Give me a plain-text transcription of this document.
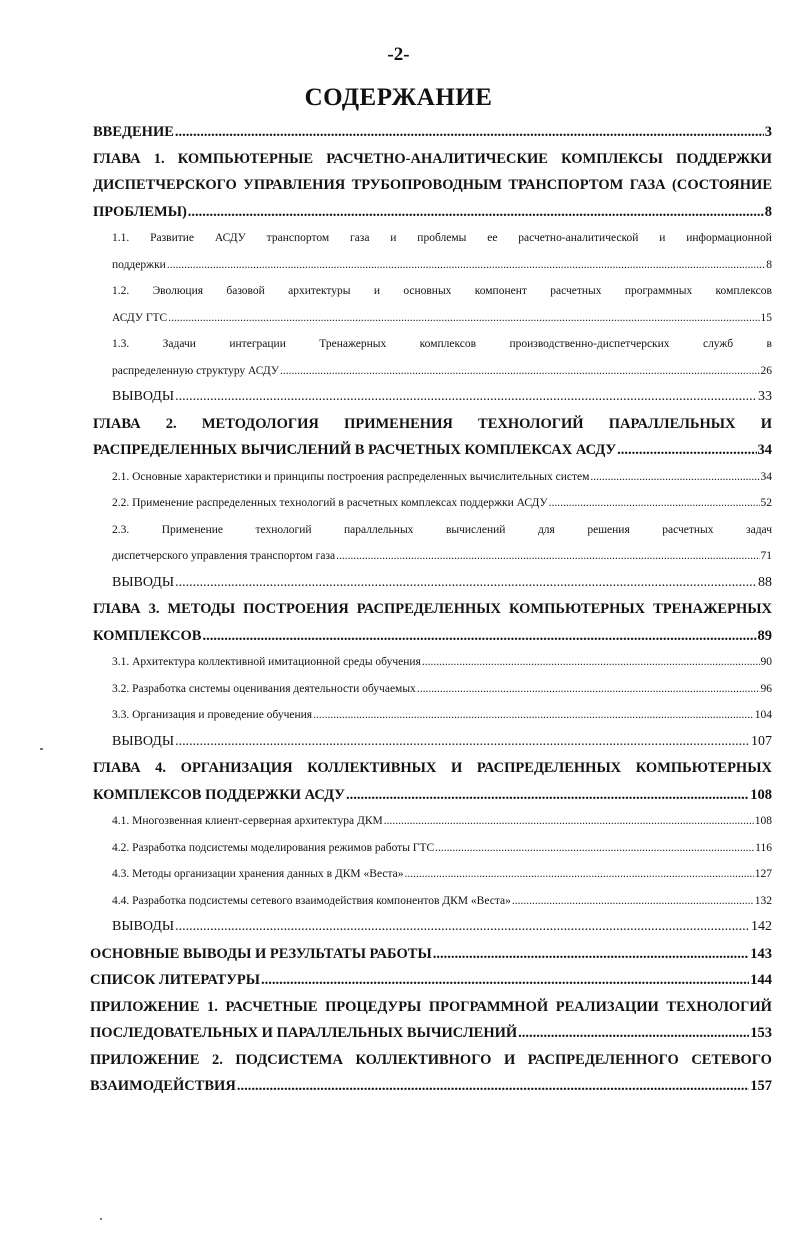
-2-
СОДЕРЖАНИЕ
ВВЕДЕНИЕ .....	3
ГЛАВА 1. КОМПЬЮТЕРНЫЕ РАСЧЕТНО-АНАЛИТИЧЕСКИЕ КОМПЛЕКСЫ ПОДДЕРЖКИ
ДИСПЕТЧЕРСКОГО УПРАВЛЕНИЯ ТРУБОПРОВОДНЫМ ТРАНСПОРТОМ ГАЗА (СОСТОЯНИЕ
ПРОБЛЕМЫ) .....	8
1.1. Развитие АСДУ транспортом газа и проблемы ее расчетно-аналитической и информационной
поддержки .....	8
1.2. Эволюция базовой архитектуры и основных компонент расчетных программных комплексов
АСДУ ГТС .....	15
1.3.	Задачи	интеграции	Тренажерных	комплексов	производственно-диспетчерских	служб	в
распределенную структуру АСДУ .....	26
ВЫВОДЫ .....	33
ГЛАВА 2. МЕТОДОЛОГИЯ ПРИМЕНЕНИЯ ТЕХНОЛОГИЙ ПАРАЛЛЕЛЬНЫХ И
РАСПРЕДЕЛЕННЫХ ВЫЧИСЛЕНИЙ В РАСЧЕТНЫХ КОМПЛЕКСАХ АСДУ .....	34
2.1. Основные характеристики и принципы построения распределенных вычислительных систем .....	34
2.2. Применение распределенных технологий в расчетных комплексах поддержки АСДУ .....	52
2.3.	Применение	технологий	параллельных	вычислений	для	решения	расчетных	задач
диспетчерского управления транспортом газа .....	71
ВЫВОДЫ .....	88
ГЛАВА 3. МЕТОДЫ ПОСТРОЕНИЯ РАСПРЕДЕЛЕННЫХ КОМПЬЮТЕРНЫХ ТРЕНАЖЕРНЫХ
КОМПЛЕКСОВ .....	89
3.1. Архитектура коллективной имитационной среды обучения .....	90
3.2. Разработка системы оценивания деятельности обучаемых .....	96
3.3. Организация и проведение обучения .....	104
ВЫВОДЫ .....	107
ГЛАВА 4. ОРГАНИЗАЦИЯ КОЛЛЕКТИВНЫХ И РАСПРЕДЕЛЕННЫХ КОМПЬЮТЕРНЫХ
КОМПЛЕКСОВ ПОДДЕРЖКИ АСДУ .....	108
4.1. Многозвенная клиент-серверная архитектура ДКМ .....	108
4.2. Разработка подсистемы моделирования режимов работы ГТС .....	116
4.3. Методы организации хранения данных в ДКМ «Веста» .....	127
4.4. Разработка подсистемы сетевого взаимодействия компонентов ДКМ «Веста» .....	132
ВЫВОДЫ .....	142
ОСНОВНЫЕ ВЫВОДЫ И РЕЗУЛЬТАТЫ РАБОТЫ .....	143
СПИСОК ЛИТЕРАТУРЫ .....	144
ПРИЛОЖЕНИЕ 1. РАСЧЕТНЫЕ ПРОЦЕДУРЫ ПРОГРАММНОЙ РЕАЛИЗАЦИИ ТЕХНОЛОГИЙ
ПОСЛЕДОВАТЕЛЬНЫХ И ПАРАЛЛЕЛЬНЫХ ВЫЧИСЛЕНИЙ .....	153
ПРИЛОЖЕНИЕ 2. ПОДСИСТЕМА КОЛЛЕКТИВНОГО И РАСПРЕДЕЛЕННОГО СЕТЕВОГО
ВЗАИМОДЕЙСТВИЯ .....	157
